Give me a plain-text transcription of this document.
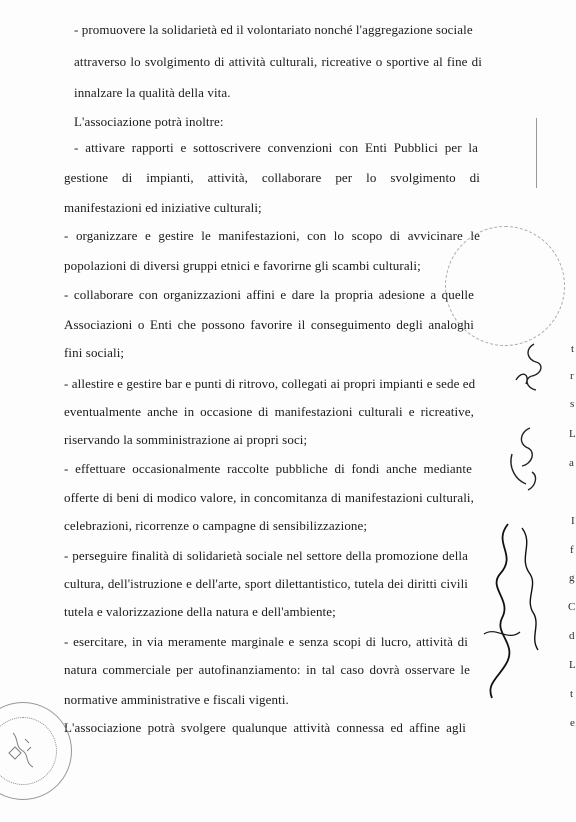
- promuovere la solidarietà ed il volontariato nonché l'aggregazione sociale
attraverso lo svolgimento di attività culturali, ricreative o sportive al fine di
innalzare la qualità della vita.
L'associazione potrà inoltre:
- attivare rapporti e sottoscrivere convenzioni con Enti Pubblici per la
gestione di impianti, attività, collaborare per lo svolgimento di
manifestazioni ed iniziative culturali;
- organizzare e gestire le manifestazioni, con lo scopo di avvicinare le
popolazioni di diversi gruppi etnici e favorirne gli scambi culturali;
- collaborare con organizzazioni affini e dare la propria adesione a quelle
Associazioni o Enti che possono favorire il conseguimento degli analoghi
fini sociali;
- allestire e gestire bar e punti di ritrovo, collegati ai propri impianti e sede ed
eventualmente anche in occasione di manifestazioni culturali e ricreative,
riservando la somministrazione ai propri soci;
- effettuare occasionalmente raccolte pubbliche di fondi anche mediante
offerte di beni di modico valore, in concomitanza di manifestazioni culturali,
celebrazioni, ricorrenze o campagne di sensibilizzazione;
- perseguire finalità di solidarietà sociale nel settore della promozione della
cultura, dell'istruzione e dell'arte, sport dilettantistico, tutela dei diritti civili
tutela e valorizzazione della natura e dell'ambiente;
- esercitare, in via meramente marginale e senza scopi di lucro, attività di
natura commerciale per autofinanziamento: in tal caso dovrà osservare le
normative amministrative e fiscali vigenti.
L'associazione potrà svolgere qualunque attività connessa ed affine agli
t
r
s
L
a
I
f
g
C
d
L
t
e
